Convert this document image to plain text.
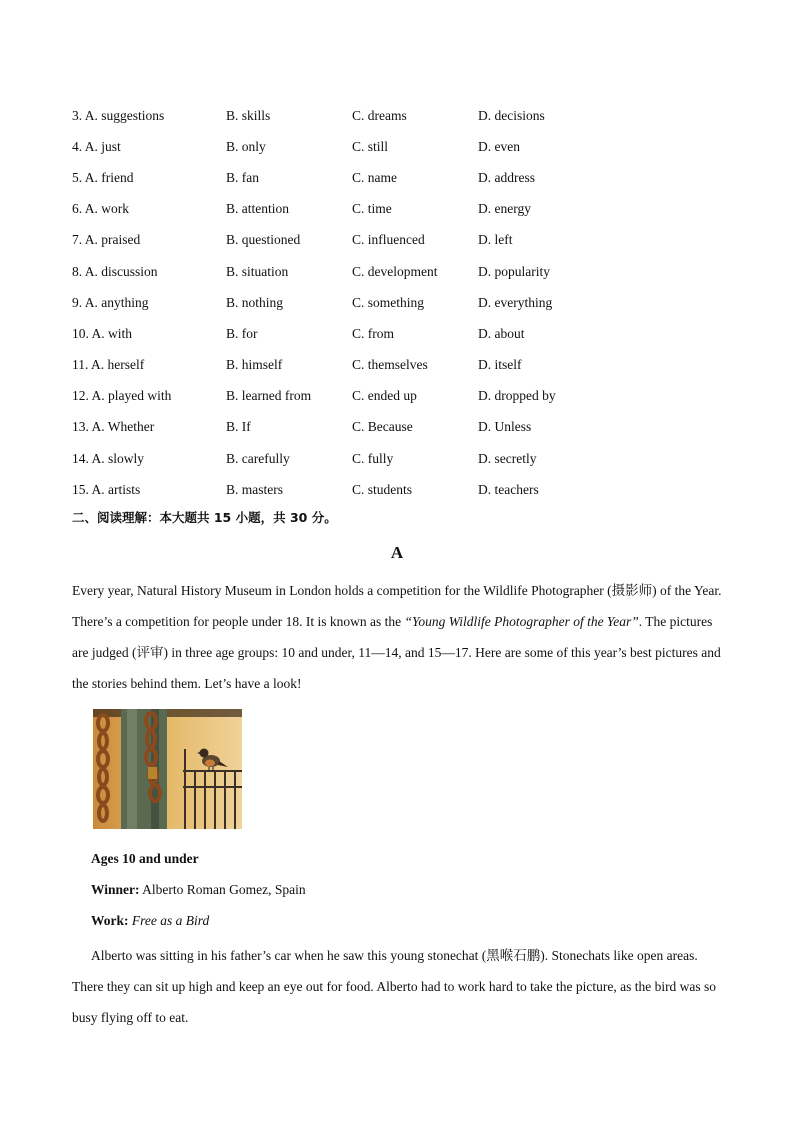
3. A. suggestions	B. skills	C. dreams	D. decisions
4. A. just	B. only	C. still	D. even
5. A. friend	B. fan	C. name	D. address
6. A. work	B. attention	C. time	D. energy
7. A. praised	B. questioned	C. influenced	D. left
8. A. discussion	B. situation	C. development	D. popularity
9. A. anything	B. nothing	C. something	D. everything
10. A. with	B. for	C. from	D. about
11. A. herself	B. himself	C. themselves	D. itself
12. A. played with	B. learned from	C. ended up	D. dropped by
13. A. Whether	B. If	C. Because	D. Unless
14. A. slowly	B. carefully	C. fully	D. secretly
15. A. artists	B. masters	C. students	D. teachers
二、阅读理解：本大题共 15 小题，共 30 分。
A
Every year, Natural History Museum in London holds a competition for the Wildlife Photographer (摄影师) of the Year. There’s a competition for people under 18. It is known as the “Young Wildlife Photographer of the Year”. The pictures are judged (评审) in three age groups: 10 and under, 11—14, and 15—17. Here are some of this year’s best pictures and the stories behind them. Let’s have a look!
Ages 10 and under
Winner: Alberto Roman Gomez, Spain
Work: Free as a Bird
Alberto was sitting in his father’s car when he saw this young stonechat (黑喉石鹏). Stonechats like open areas. There they can sit up high and keep an eye out for food. Alberto had to work hard to take the picture, as the bird was so busy flying off to eat.
